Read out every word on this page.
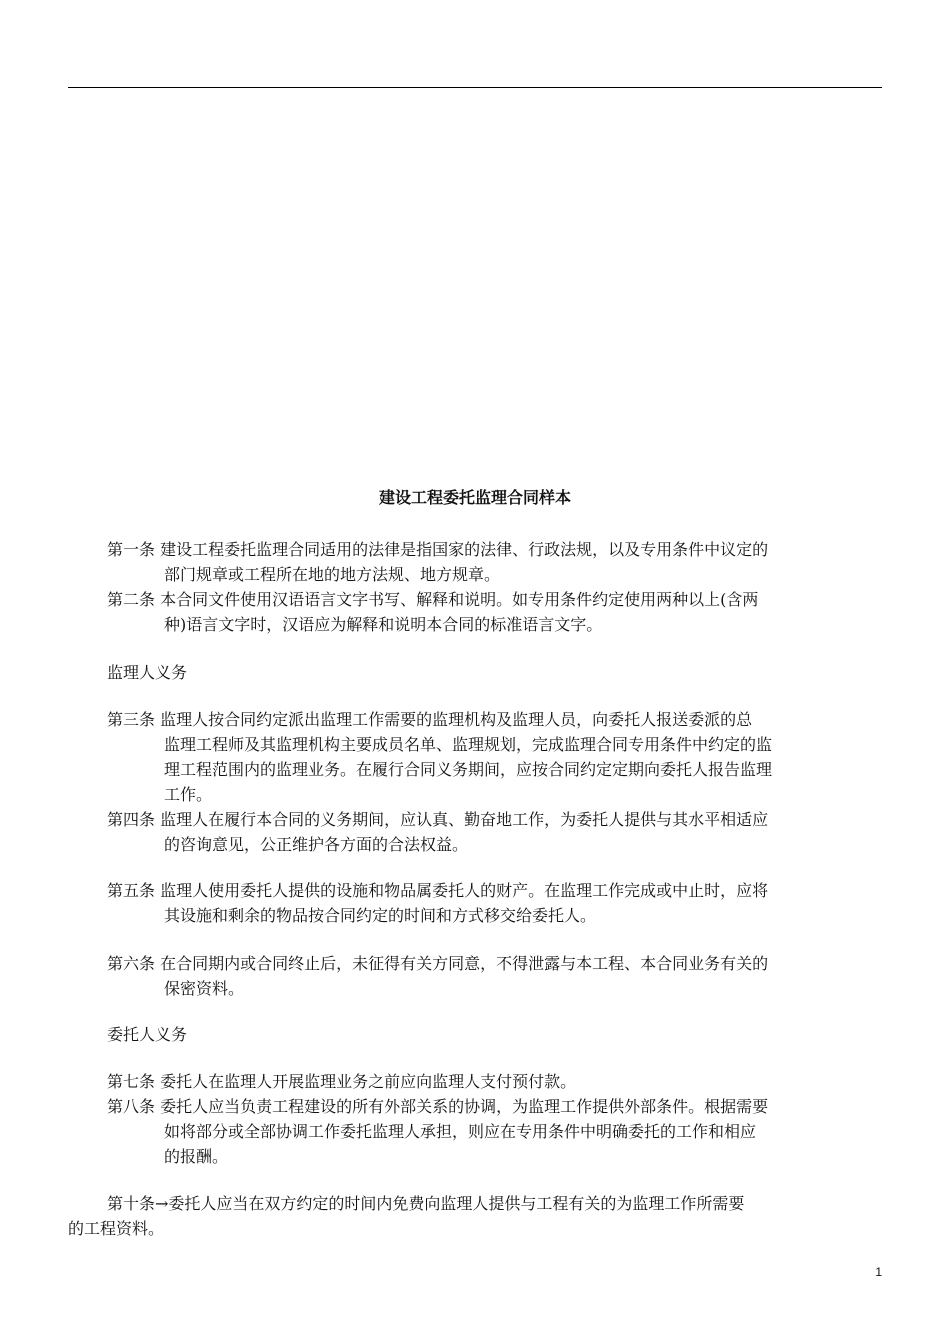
建设工程委托监理合同样本
第一条 建设工程委托监理合同适用的法律是指国家的法律、行政法规，以及专用条件中议定的
部门规章或工程所在地的地方法规、地方规章。
第二条 本合同文件使用汉语语言文字书写、解释和说明。如专用条件约定使用两种以上(含两
种)语言文字时，汉语应为解释和说明本合同的标准语言文字。
监理人义务
第三条 监理人按合同约定派出监理工作需要的监理机构及监理人员，向委托人报送委派的总
监理工程师及其监理机构主要成员名单、监理规划，完成监理合同专用条件中约定的监
理工程范围内的监理业务。在履行合同义务期间，应按合同约定定期向委托人报告监理
工作。
第四条 监理人在履行本合同的义务期间，应认真、勤奋地工作，为委托人提供与其水平相适应
的咨询意见，公正维护各方面的合法权益。
第五条 监理人使用委托人提供的设施和物品属委托人的财产。在监理工作完成或中止时，应将
其设施和剩余的物品按合同约定的时间和方式移交给委托人。
第六条 在合同期内或合同终止后，未征得有关方同意，不得泄露与本工程、本合同业务有关的
保密资料。
委托人义务
第七条 委托人在监理人开展监理业务之前应向监理人支付预付款。
第八条 委托人应当负责工程建设的所有外部关系的协调，为监理工作提供外部条件。根据需要
如将部分或全部协调工作委托监理人承担，则应在专用条件中明确委托的工作和相应
的报酬。
第十条→委托人应当在双方约定的时间内免费向监理人提供与工程有关的为监理工作所需要
的工程资料。
1
